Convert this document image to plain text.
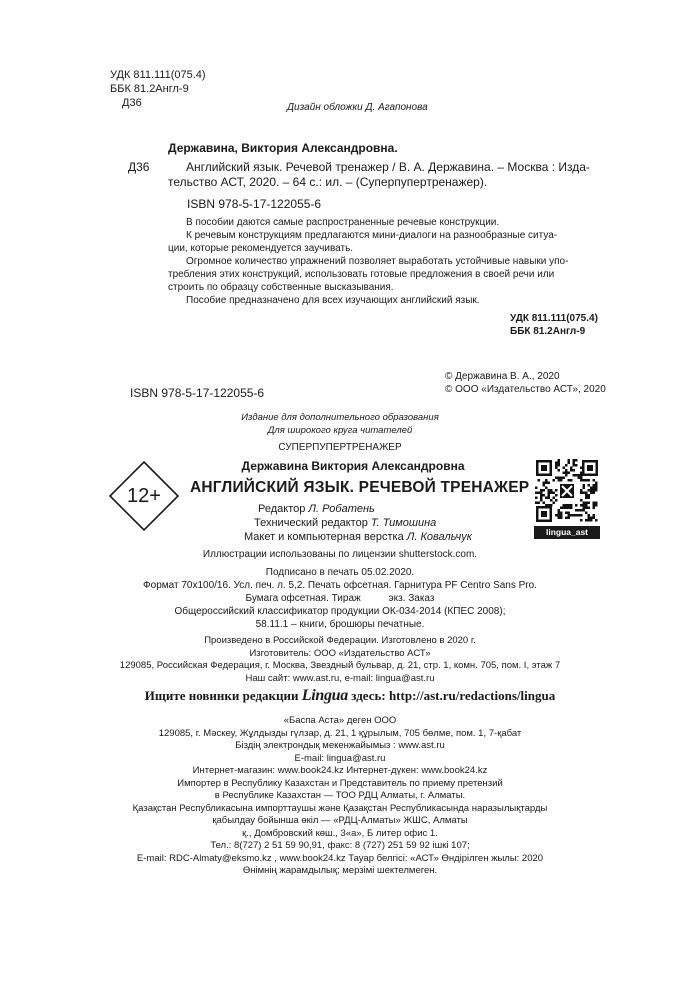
УДК 811.111(075.4)
ББК 81.2Англ-9
Д36	Дизайн обложки Д. Агапонова
Державина, Виктория Александровна.
Д36	Английский язык. Речевой тренажер / В. А. Державина. – Москва : Изда-
тельство АСТ, 2020. – 64 с.: ил. – (Суперпупертренажер).
ISBN 978-5-17-122055-6
В пособии даются самые распространенные речевые конструкции.
К речевым конструкциям предлагаются мини-диалоги на разнообразные ситуа-
ции, которые рекомендуется заучивать.
Огромное количество упражнений позволяет выработать устойчивые навыки упо-
требления этих конструкций, использовать готовые предложения в своей речи или
строить по образцу собственные высказывания.
Пособие предназначено для всех изучающих английский язык.
УДК 811.111(075.4)
ББК 81.2Англ-9
ISBN 978-5-17-122055-6
© Державина В. А., 2020
© ООО «Издательство АСТ», 2020
Издание для дополнительного образования
Для широкого круга читателей
СУПЕРПУПЕРТРЕНАЖЕР
12+
Державина Виктория Александровна
АНГЛИЙСКИЙ ЯЗЫК. РЕЧЕВОЙ ТРЕНАЖЕР
lingua_ast
Редактор Л. Робатень
Технический редактор Т. Тимошина
Макет и компьютерная верстка Л. Ковальчук
Иллюстрации использованы по лицензии shutterstock.com.
Подписано в печать 05.02.2020.
Формат 70х100/16. Усл. печ. л. 5,2. Печать офсетная. Гарнитура PF Centro Sans Pro.
Бумага офсетная. Тираж          экз. Заказ
Общероссийский классификатор продукции ОК-034-2014 (КПЕС 2008);
58.11.1 – книги, брошюры печатные.
Произведено в Российской Федерации. Изготовлено в 2020 г.
Изготовитель: ООО «Издательство АСТ»
129085, Российская Федерация, г. Москва, Звездный бульвар, д. 21, стр. 1, комн. 705, пом. I, этаж 7
Наш сайт: www.ast.ru, e-mail: lingua@ast.ru
Ищите новинки редакции Lingua здесь: http://ast.ru/redactions/lingua
«Баспа Аста» деген ООО
129085, г. Мәскеу, Жұлдызды гүлзар, д. 21, 1 құрылым, 705 бөлме, пом. 1, 7-қабат
Біздің электрондық мекенжайымыз : www.ast.ru
E-mail: lingua@ast.ru
Интернет-магазин: www.book24.kz Интернет-дүкен: www.book24.kz
Импортер в Республику Казахстан и Представитель по приему претензий
в Республике Казахстан — ТОО РДЦ Алматы, г. Алматы.
Қазақстан Республикасына импорттаушы және Қазақстан Республикасында наразылықтарды
қабылдау бойынша өкіл — «РДЦ-Алматы» ЖШС, Алматы
қ., Домбровский көш., 3«а», Б литер офис 1.
Тел.: 8(727) 2 51 59 90,91, факс: 8 (727) 251 59 92 ішкі 107;
E-mail: RDC-Almaty@eksmo.kz , www.book24.kz Тауар белгісі: «АСТ» Өндірілген жылы: 2020
Өнімнің жарамдылық; мерзімі шектелмеген.
